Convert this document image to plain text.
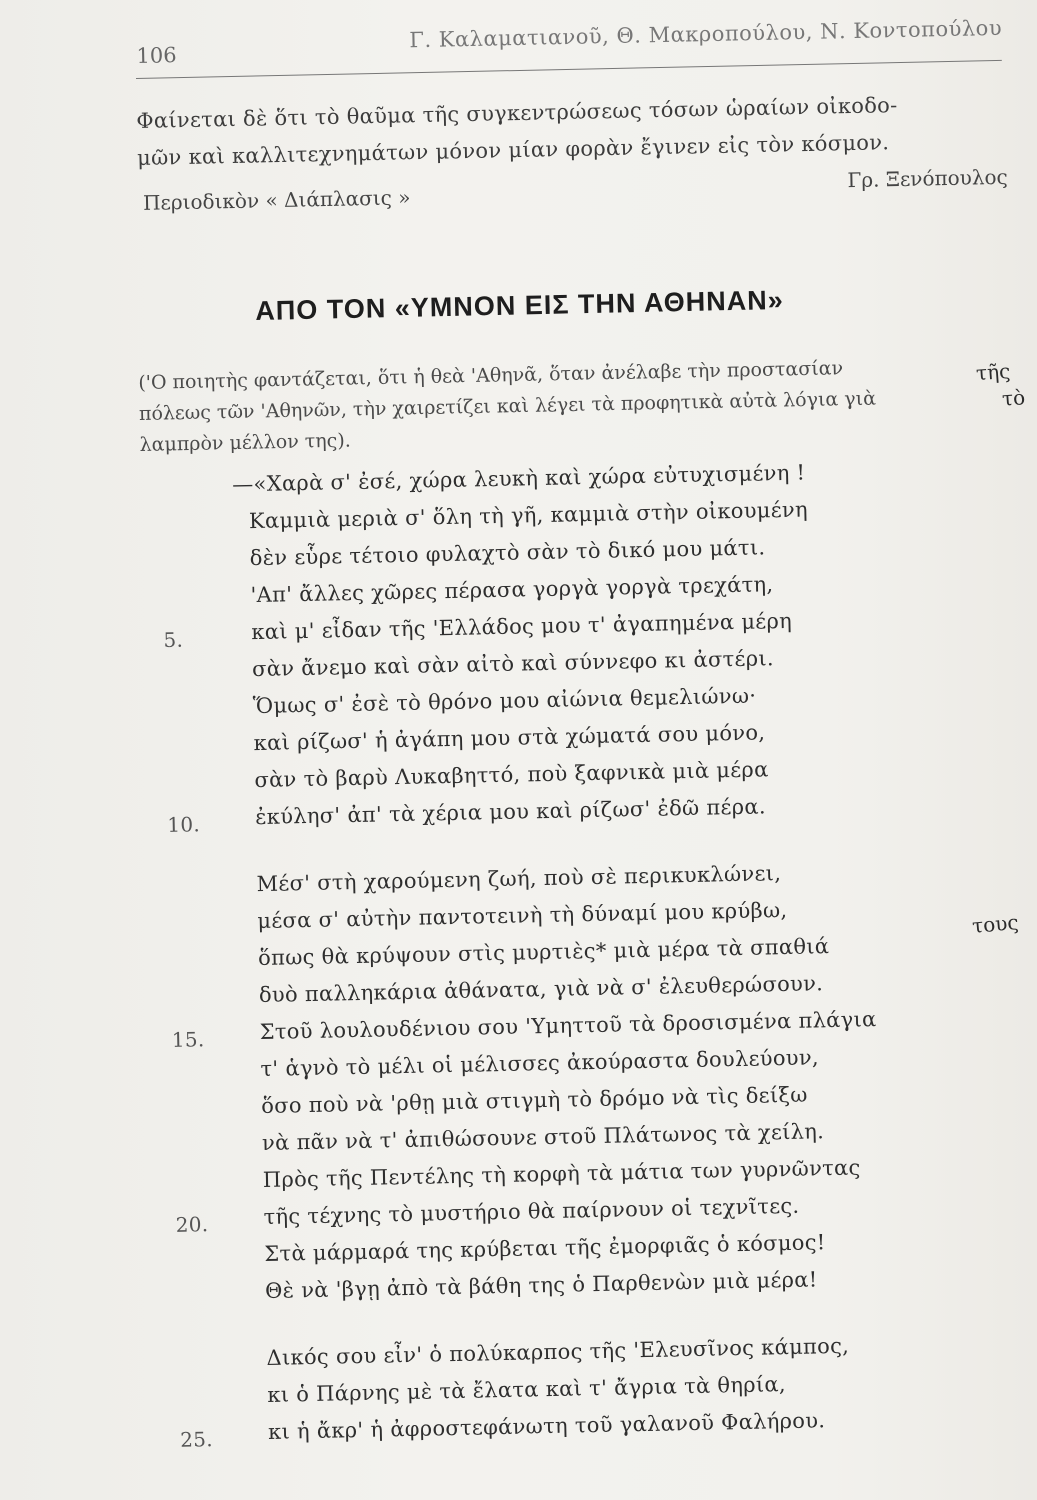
106
Γ. Καλαματιανοῦ, Θ. Μακροπούλου, Ν. Κοντοπούλου
Φαίνεται δὲ ὅτι τὸ θαῦμα τῆς συγκεντρώσεως τόσων ὡραίων οἰκοδο-
μῶν καὶ καλλιτεχνημάτων μόνον μίαν φορὰν ἔγινεν εἰς τὸν κόσμον.
Περιοδικὸν « Διάπλασις »
Γρ. Ξενόπουλος
ΑΠΟ ΤΟΝ «ΥΜΝΟΝ ΕΙΣ ΤΗΝ ΑΘΗΝΑΝ»
('Ο ποιητὴς φαντάζεται, ὅτι ἡ θεὰ 'Αθηνᾶ, ὅταν ἀνέλαβε τὴν προστασίαν
πόλεως τῶν 'Αθηνῶν, τὴν χαιρετίζει καὶ λέγει τὰ προφητικὰ αὐτὰ λόγια γιὰ
λαμπρὸν μέλλον της).
τῆς
τὸ
—«Χαρὰ σ' ἐσέ, χώρα λευκὴ καὶ χώρα εὐτυχισμένη !
Καμμιὰ μεριὰ σ' ὅλη τὴ γῆ, καμμιὰ στὴν οἰκουμένη
δὲν εὗρε τέτοιο φυλαχτὸ σὰν τὸ δικό μου μάτι.
'Απ' ἄλλες χῶρες πέρασα γοργὰ γοργὰ τρεχάτη,
5.	καὶ μ' εἶδαν τῆς 'Ελλάδος μου τ' ἀγαπημένα μέρη
σὰν ἄνεμο καὶ σὰν αἰτὸ καὶ σύννεφο κι ἀστέρι.
Ὅμως σ' ἐσὲ τὸ θρόνο μου αἰώνια θεμελιώνω·
καὶ ρίζωσ' ἡ ἀγάπη μου στὰ χώματά σου μόνο,
σὰν τὸ βαρὺ Λυκαβηττό, ποὺ ξαφνικὰ μιὰ μέρα
10.	ἐκύλησ' ἀπ' τὰ χέρια μου καὶ ρίζωσ' ἐδῶ πέρα.
Μέσ' στὴ χαρούμενη ζωή, ποὺ σὲ περικυκλώνει,
μέσα σ' αὐτὴν παντοτεινὴ τὴ δύναμί μου κρύβω,
ὅπως θὰ κρύψουν στὶς μυρτιὲς* μιὰ μέρα τὰ σπαθιά
δυὸ παλληκάρια ἀθάνατα, γιὰ νὰ σ' ἐλευθερώσουν.
15.	Στοῦ λουλουδένιου σου 'Υμηττοῦ τὰ δροσισμένα πλάγια
τ' ἁγνὸ τὸ μέλι οἱ μέλισσες ἀκούραστα δουλεύουν,
ὅσο ποὺ νὰ 'ρθῃ μιὰ στιγμὴ τὸ δρόμο νὰ τὶς δείξω
νὰ πᾶν νὰ τ' ἀπιθώσουνε στοῦ Πλάτωνος τὰ χείλη.
Πρὸς τῆς Πεντέλης τὴ κορφὴ τὰ μάτια των γυρνῶντας
20.	τῆς τέχνης τὸ μυστήριο θὰ παίρνουν οἱ τεχνῖτες.
Στὰ μάρμαρά της κρύβεται τῆς ἐμορφιᾶς ὁ κόσμος!
Θὲ νὰ 'βγῃ ἀπὸ τὰ βάθη της ὁ Παρθενὼν μιὰ μέρα!
Δικός σου εἶν' ὁ πολύκαρπος τῆς 'Ελευσῖνος κάμπος,
κι ὁ Πάρνης μὲ τὰ ἔλατα καὶ τ' ἄγρια τὰ θηρία,
25.	κι ἡ ἄκρ' ἡ ἀφροστεφάνωτη τοῦ γαλανοῦ Φαλήρου.
τους
